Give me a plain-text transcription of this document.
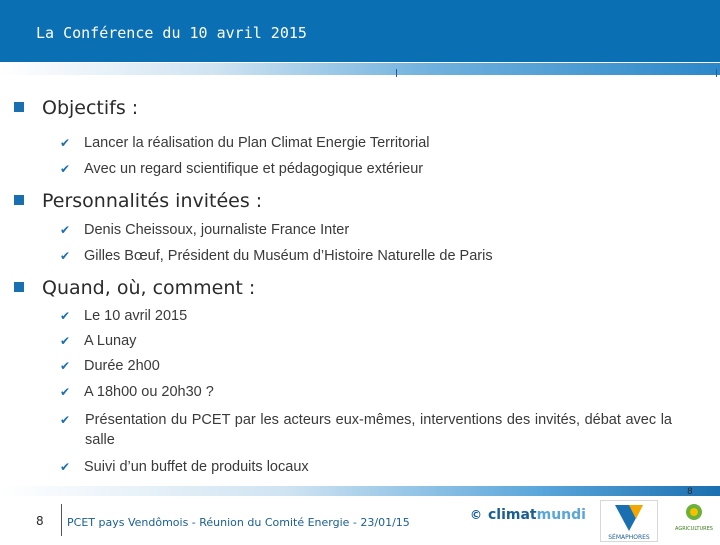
La Conférence du 10 avril 2015
Objectifs :
✔ Lancer la réalisation du Plan Climat Energie Territorial
✔ Avec un regard scientifique et pédagogique extérieur
Personnalités invitées :
✔ Denis Cheissoux, journaliste France Inter
✔ Gilles Bœuf, Président du Muséum d’Histoire Naturelle de Paris
Quand, où, comment :
✔ Le 10 avril 2015
✔ A Lunay
✔ Durée 2h00
✔ A 18h00 ou 20h30 ?
✔ Présentation du PCET par les acteurs eux-mêmes, interventions des invités, débat avec la salle
✔ Suivi d’un buffet de produits locaux
8
8 PCET pays Vendômois - Réunion du Comité Energie - 23/01/15
© climatmundi
SÉMAPHORES
AGRICULTURES
